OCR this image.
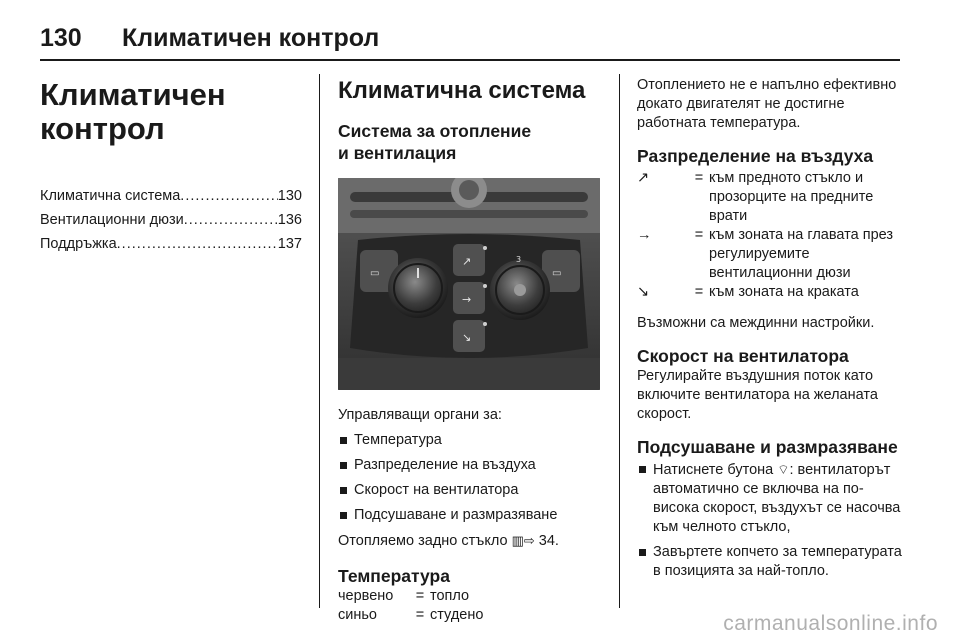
130	Климатичен контрол
Климатичен
контрол
Климатична система .....	130
Вентилационни дюзи .....	136
Поддръжка .....	137
Климатична система
Система за отопление
и вентилация
▭	▭
3
↗
→
↘
Управляващи органи за:
Температура
Разпределение на въздуха
Скорост на вентилатора
Подсушаване и размразяване
Отопляемо задно стъкло ▥⇨ 34.
Температура
червено	= топло
синьо	= студено
Отоплението не е напълно ефективно докато двигателят не достигне работната температура.
Разпределение на въздуха
↗	= към предното стъкло и прозорците на предните врати
→	= към зоната на главата през регулируемите вентилационни дюзи
↘	= към зоната на краката
Възможни са междинни настройки.
Скорост на вентилатора
Регулирайте въздушния поток като включите вентилатора на желаната скорост.
Подсушаване и размразяване
Натиснете бутона ⌔: вентилаторът автоматично се включва на по-висока скорост, въздухът се насочва към челното стъкло,
Завъртете копчето за температурата в позицията за най-топло.
carmanualsonline.info
